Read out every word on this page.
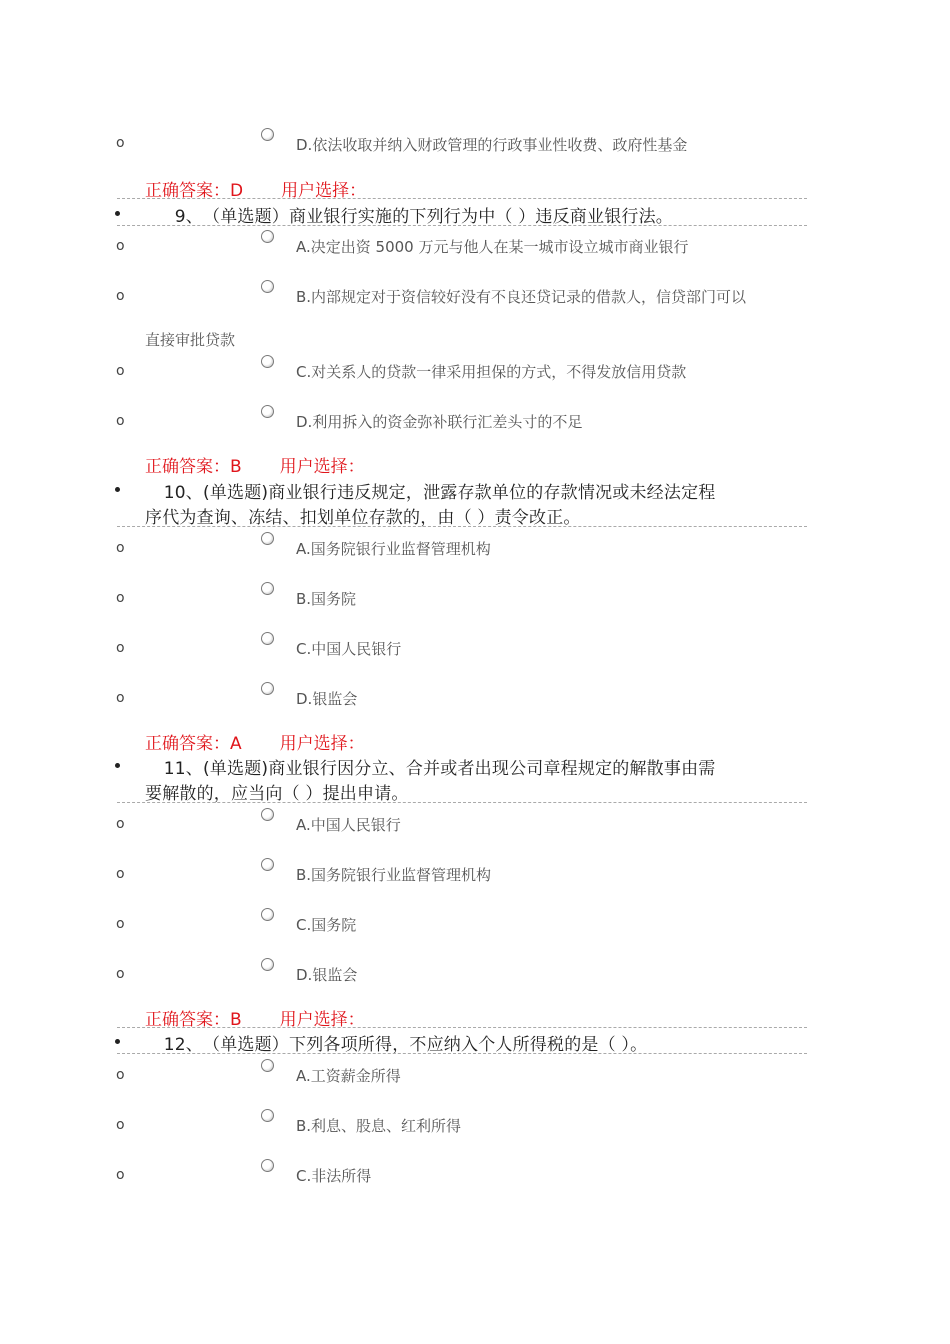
o	D.依法收取并纳入财政管理的行政事业性收费、政府性基金
正确答案：D 用户选择：
9、（单选题）商业银行实施的下列行为中（ ）违反商业银行法。
o	A.决定出资 5000 万元与他人在某一城市设立城市商业银行
o	B.内部规定对于资信较好没有不良还贷记录的借款人，信贷部门可以
直接审批贷款
o	C.对关系人的贷款一律采用担保的方式，不得发放信用贷款
o	D.利用拆入的资金弥补联行汇差头寸的不足
正确答案：B 用户选择：
10、(单选题)商业银行违反规定，泄露存款单位的存款情况或未经法定程
序代为查询、冻结、扣划单位存款的，由（ ）责令改正。
o	A.国务院银行业监督管理机构
o	B.国务院
o	C.中国人民银行
o	D.银监会
正确答案：A 用户选择：
11、(单选题)商业银行因分立、合并或者出现公司章程规定的解散事由需
要解散的，应当向（ ）提出申请。
o	A.中国人民银行
o	B.国务院银行业监督管理机构
o	C.国务院
o	D.银监会
正确答案：B 用户选择：
12、（单选题）下列各项所得，不应纳入个人所得税的是（ ）。
o	A.工资薪金所得
o	B.利息、股息、红利所得
o	C.非法所得
